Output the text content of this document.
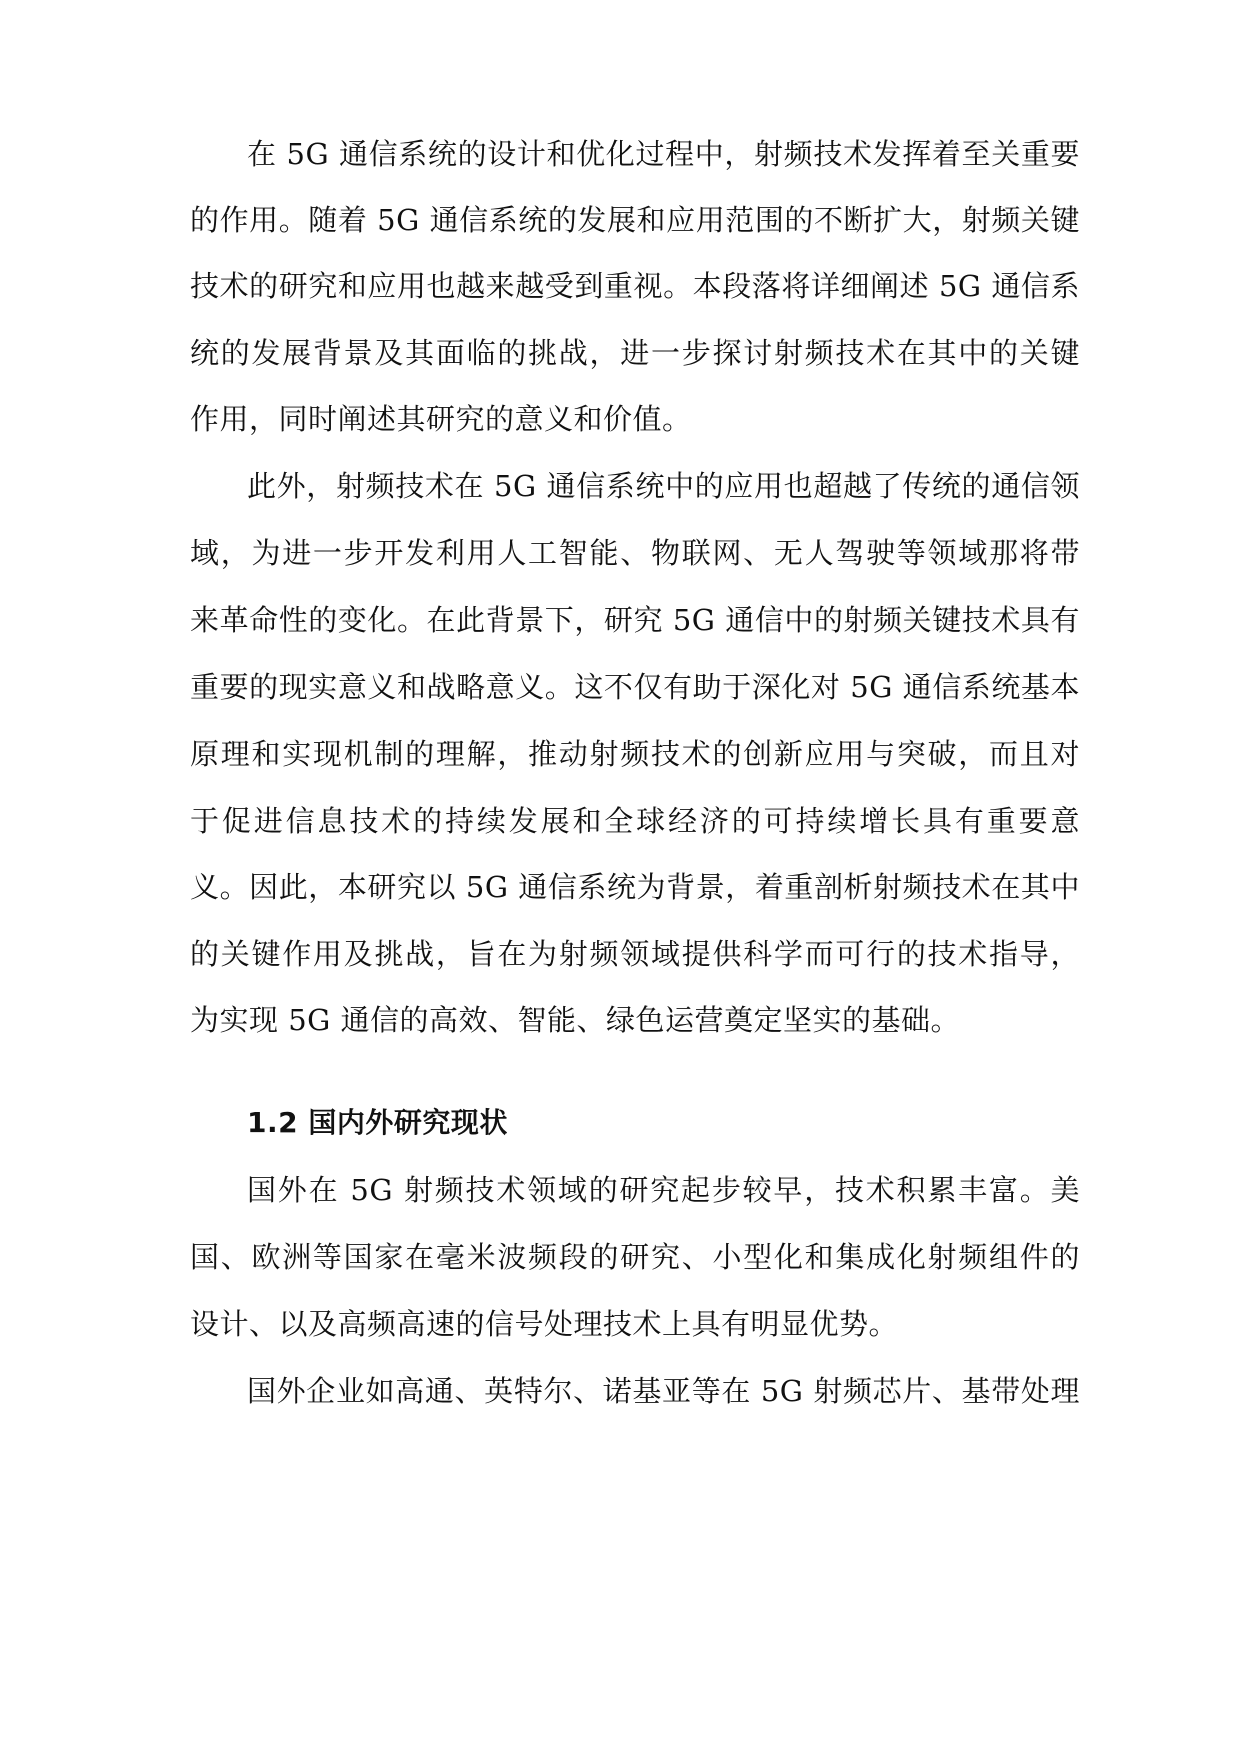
在 5G 通信系统的设计和优化过程中，射频技术发挥着至关重要
的作用。随着 5G 通信系统的发展和应用范围的不断扩大，射频关键
技术的研究和应用也越来越受到重视。本段落将详细阐述 5G 通信系
统的发展背景及其面临的挑战，进一步探讨射频技术在其中的关键
作用，同时阐述其研究的意义和价值。
此外，射频技术在 5G 通信系统中的应用也超越了传统的通信领
域，为进一步开发利用人工智能、物联网、无人驾驶等领域那将带
来革命性的变化。在此背景下，研究 5G 通信中的射频关键技术具有
重要的现实意义和战略意义。这不仅有助于深化对 5G 通信系统基本
原理和实现机制的理解，推动射频技术的创新应用与突破，而且对
于促进信息技术的持续发展和全球经济的可持续增长具有重要意
义。因此，本研究以 5G 通信系统为背景，着重剖析射频技术在其中
的关键作用及挑战，旨在为射频领域提供科学而可行的技术指导，
为实现 5G 通信的高效、智能、绿色运营奠定坚实的基础。
1.2 国内外研究现状
国外在 5G 射频技术领域的研究起步较早，技术积累丰富。美
国、欧洲等国家在毫米波频段的研究、小型化和集成化射频组件的
设计、以及高频高速的信号处理技术上具有明显优势。
国外企业如高通、英特尔、诺基亚等在 5G 射频芯片、基带处理
